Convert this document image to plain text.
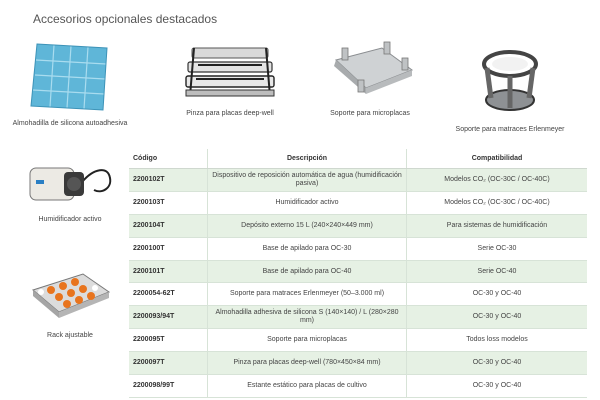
Accesorios opcionales destacados
Almohadilla de silicona autoadhesiva
Pinza para placas deep-well	Soporte para microplacas
Soporte para matraces Erlenmeyer
Humidificador activo
Rack ajustable
Código	Descripción	Compatibilidad
2200102T	Dispositivo de reposición automática de agua (humidificación pasiva)	Modelos CO₂ (OC-30C / OC-40C)
2200103T	Humidificador activo	Modelos CO₂ (OC-30C / OC-40C)
2200104T	Depósito externo 15 L (240×240×449 mm)	Para sistemas de humidificación
2200100T	Base de apilado para OC-30	Serie OC-30
2200101T	Base de apilado para OC-40	Serie OC-40
2200054-62T	Soporte para matraces Erlenmeyer (50–3.000 ml)	OC-30 y OC-40
2200093/94T	Almohadilla adhesiva de silicona S (140×140) / L (280×280 mm)	OC-30 y OC-40
2200095T	Soporte para microplacas	Todos loss modelos
2200097T	Pinza para placas deep-well (780×450×84 mm)	OC-30 y OC-40
2200098/99T	Estante estático para placas de cultivo	OC-30 y OC-40
